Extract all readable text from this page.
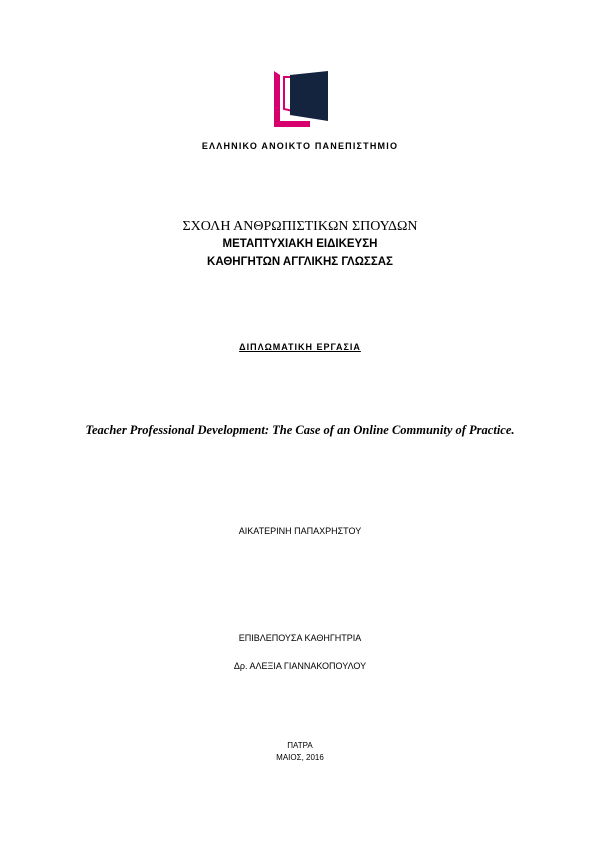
ΕΛΛΗΝΙΚΟ ΑΝΟΙΚΤΟ ΠΑΝΕΠΙΣΤΗΜΙΟ
ΣΧΟΛΗ ΑΝΘΡΩΠΙΣΤΙΚΩΝ ΣΠΟΥΔΩΝ
ΜΕΤΑΠΤΥΧΙΑΚΗ ΕΙΔΙΚΕΥΣΗ
ΚΑΘΗΓΗΤΩΝ ΑΓΓΛΙΚΗΣ ΓΛΩΣΣΑΣ
ΔΙΠΛΩΜΑΤΙΚΗ ΕΡΓΑΣΙΑ
Teacher Professional Development: The Case of an Online Community of Practice.
ΑΙΚΑΤΕΡΙΝΗ ΠΑΠΑΧΡΗΣΤΟΥ
ΕΠΙΒΛΕΠΟΥΣΑ ΚΑΘΗΓΗΤΡΙΑ
Δρ. ΑΛΕΞΙΑ ΓΙΑΝΝΑΚΟΠΟΥΛΟΥ
ΠΑΤΡΑ
ΜΑΙΟΣ, 2016
